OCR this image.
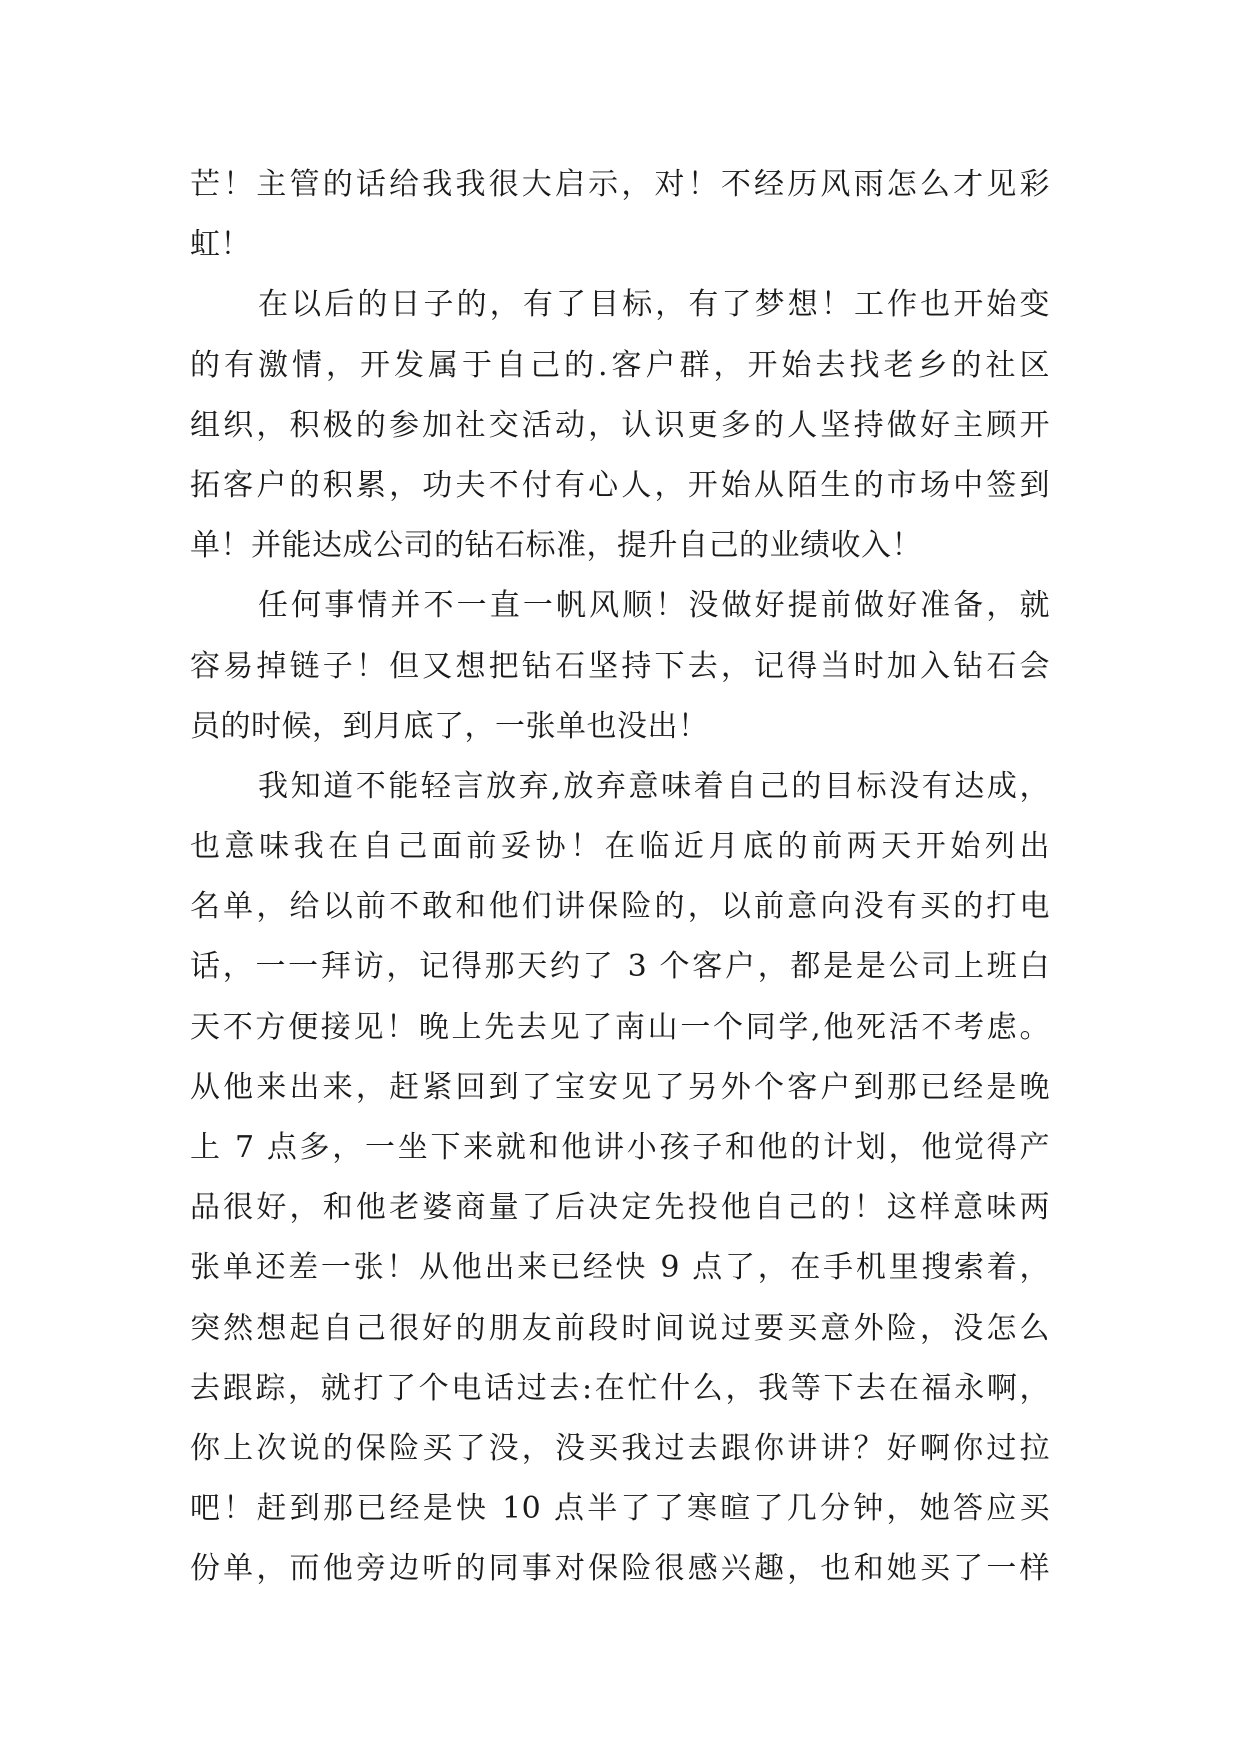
芒！主管的话给我我很大启示，对！不经历风雨怎么才见彩
虹！
在以后的日子的，有了目标，有了梦想！工作也开始变
的有激情，开发属于自己的.客户群，开始去找老乡的社区
组织，积极的参加社交活动，认识更多的人坚持做好主顾开
拓客户的积累，功夫不付有心人，开始从陌生的市场中签到
单！并能达成公司的钻石标准，提升自己的业绩收入！
任何事情并不一直一帆风顺！没做好提前做好准备，就
容易掉链子！但又想把钻石坚持下去，记得当时加入钻石会
员的时候，到月底了，一张单也没出！
我知道不能轻言放弃,放弃意味着自己的目标没有达成，
也意味我在自己面前妥协！在临近月底的前两天开始列出
名单，给以前不敢和他们讲保险的，以前意向没有买的打电
话，一一拜访，记得那天约了 3 个客户，都是是公司上班白
天不方便接见！晚上先去见了南山一个同学,他死活不考虑。
从他来出来，赶紧回到了宝安见了另外个客户到那已经是晚
上 7 点多，一坐下来就和他讲小孩子和他的计划，他觉得产
品很好，和他老婆商量了后决定先投他自己的！这样意味两
张单还差一张！从他出来已经快 9 点了，在手机里搜索着，
突然想起自己很好的朋友前段时间说过要买意外险，没怎么
去跟踪，就打了个电话过去:在忙什么，我等下去在福永啊，
你上次说的保险买了没，没买我过去跟你讲讲？好啊你过拉
吧！赶到那已经是快 10 点半了了寒暄了几分钟，她答应买
份单，而他旁边听的同事对保险很感兴趣，也和她买了一样
